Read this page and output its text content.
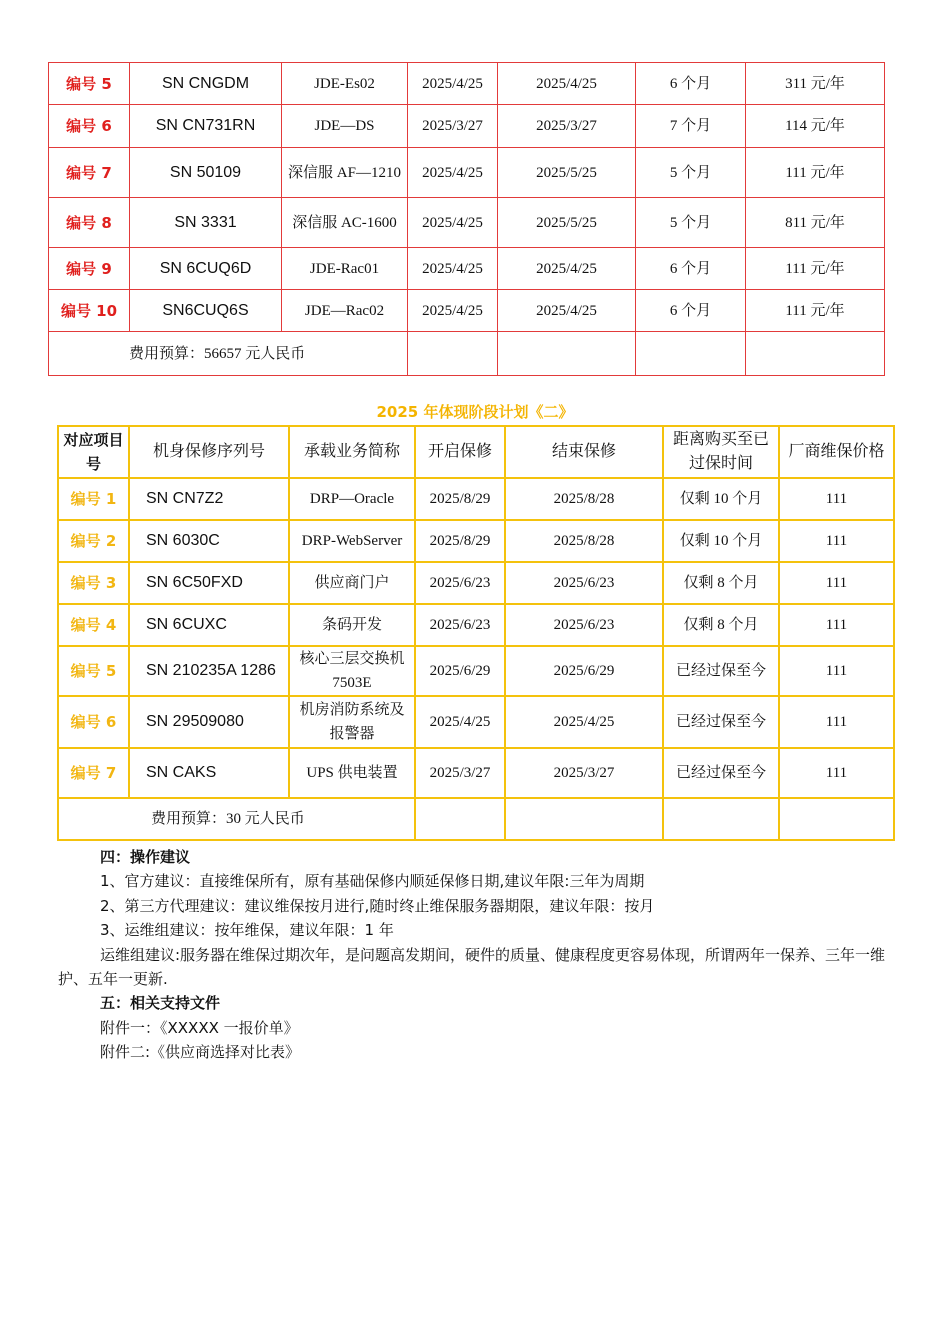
编号 5	SN CNGDM	JDE-Es02	2025/4/25	2025/4/25	6 个月	311 元/年
编号 6	SN CN731RN	JDE—DS	2025/3/27	2025/3/27	7 个月	114 元/年
编号 7	SN 50109	深信服 AF—1210	2025/4/25	2025/5/25	5 个月	111 元/年
编号 8	SN 3331	深信服 AC-1600	2025/4/25	2025/5/25	5 个月	811 元/年
编号 9	SN 6CUQ6D	JDE-Rac01	2025/4/25	2025/4/25	6 个月	111 元/年
编号 10	SN6CUQ6S	JDE—Rac02	2025/4/25	2025/4/25	6 个月	111 元/年
费用预算：56657 元人民币						
2025 年体现阶段计划《二》
对应项目号	机身保修序列号	承载业务简称	开启保修	结束保修	距离购买至已过保时间	厂商维保价格
编号 1	SN CN7Z2	DRP—Oracle	2025/8/29	2025/8/28	仅剩 10 个月	111
编号 2	SN 6030C	DRP-WebServer	2025/8/29	2025/8/28	仅剩 10 个月	111
编号 3	SN 6C50FXD	供应商门户	2025/6/23	2025/6/23	仅剩 8 个月	111
编号 4	SN 6CUXC	条码开发	2025/6/23	2025/6/23	仅剩 8 个月	111
编号 5	SN 210235A 1286	核心三层交换机 7503E	2025/6/29	2025/6/29	已经过保至今	111
编号 6	SN 29509080	机房消防系统及报警器	2025/4/25	2025/4/25	已经过保至今	111
编号 7	SN CAKS	UPS 供电装置	2025/3/27	2025/3/27	已经过保至今	111
费用预算：30 元人民币						

四：操作建议

1、官方建议：直接维保所有，原有基础保修内顺延保修日期,建议年限:三年为周期

2、第三方代理建议：建议维保按月进行,随时终止维保服务器期限，建议年限：按月

3、运维组建议：按年维保，建议年限：1 年

运维组建议:服务器在维保过期次年，是问题高发期间，硬件的质量、健康程度更容易体现，所谓两年一保养、三年一维护、五年一更新.

五：相关支持文件

附件一：《XXXXX 一报价单》

附件二:《供应商选择对比表》
